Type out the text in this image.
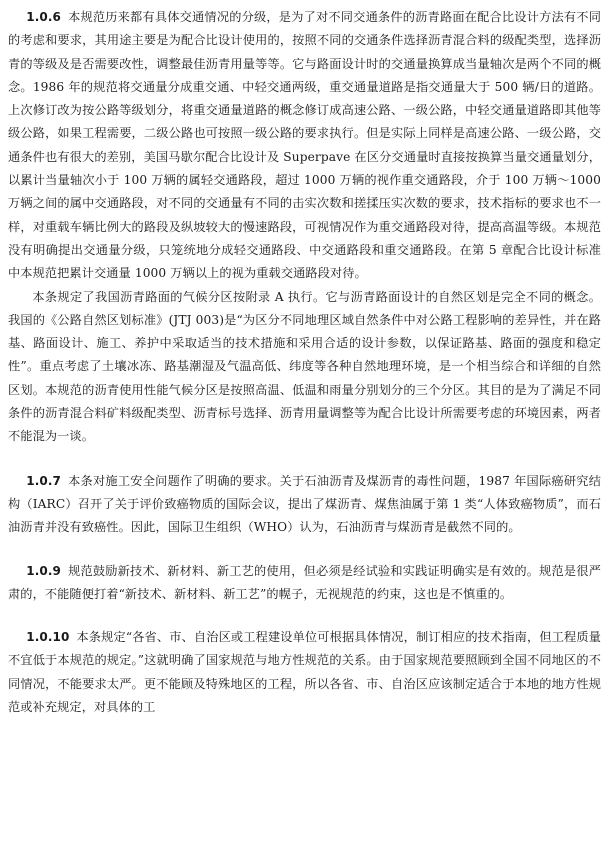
1.0.6 本规范历来都有具体交通情况的分级，是为了对不同交通条件的沥青路面在配合比设计方法有不同的考虑和要求，其用途主要是为配合比设计使用的，按照不同的交通条件选择沥青混合料的级配类型，选择沥青的等级及是否需要改性，调整最佳沥青用量等等。它与路面设计时的交通量换算成当量轴次是两个不同的概念。1986 年的规范将交通量分成重交通、中轻交通两级，重交通量道路是指交通量大于 500 辆/日的道路。上次修订改为按公路等级划分，将重交通量道路的概念修订成高速公路、一级公路，中轻交通量道路即其他等级公路，如果工程需要，二级公路也可按照一级公路的要求执行。但是实际上同样是高速公路、一级公路，交通条件也有很大的差别，美国马歇尔配合比设计及 Superpave 在区分交通量时直接按换算当量交通量划分，以累计当量轴次小于 100 万辆的属轻交通路段，超过 1000 万辆的视作重交通路段，介于 100 万辆～1000 万辆之间的属中交通路段，对不同的交通量有不同的击实次数和搓揉压实次数的要求，技术指标的要求也不一样，对重载车辆比例大的路段及纵坡较大的慢速路段，可视情况作为重交通路段对待，提高高温等级。本规范没有明确提出交通量分级，只笼统地分成轻交通路段、中交通路段和重交通路段。在第 5 章配合比设计标准中本规范把累计交通量 1000 万辆以上的视为重载交通路段对待。

本条规定了我国沥青路面的气候分区按附录 A 执行。它与沥青路面设计的自然区划是完全不同的概念。我国的《公路自然区划标准》(JTJ 003)是“为区分不同地理区域自然条件中对公路工程影响的差异性，并在路基、路面设计、施工、养护中采取适当的技术措施和采用合适的设计参数，以保证路基、路面的强度和稳定性”。重点考虑了土壤冰冻、路基潮湿及气温高低、纬度等各种自然地理环境，是一个相当综合和详细的自然区划。本规范的沥青使用性能气候分区是按照高温、低温和雨量分别划分的三个分区。其目的是为了满足不同条件的沥青混合料矿料级配类型、沥青标号选择、沥青用量调整等为配合比设计所需要考虑的环境因素，两者不能混为一谈。

1.0.7 本条对施工安全问题作了明确的要求。关于石油沥青及煤沥青的毒性问题，1987 年国际癌研究结构（IARC）召开了关于评价致癌物质的国际会议，提出了煤沥青、煤焦油属于第 1 类“人体致癌物质”，而石油沥青并没有致癌性。因此，国际卫生组织（WHO）认为，石油沥青与煤沥青是截然不同的。

1.0.9 规范鼓励新技术、新材料、新工艺的使用，但必须是经试验和实践证明确实是有效的。规范是很严肃的，不能随便打着“新技术、新材料、新工艺”的幌子，无视规范的约束，这也是不慎重的。

1.0.10 本条规定“各省、市、自治区或工程建设单位可根据具体情况，制订相应的技术指南，但工程质量不宜低于本规范的规定。”这就明确了国家规范与地方性规范的关系。由于国家规范要照顾到全国不同地区的不同情况，不能要求太严。更不能顾及特殊地区的工程，所以各省、市、自治区应该制定适合于本地的地方性规范或补充规定，对具体的工
